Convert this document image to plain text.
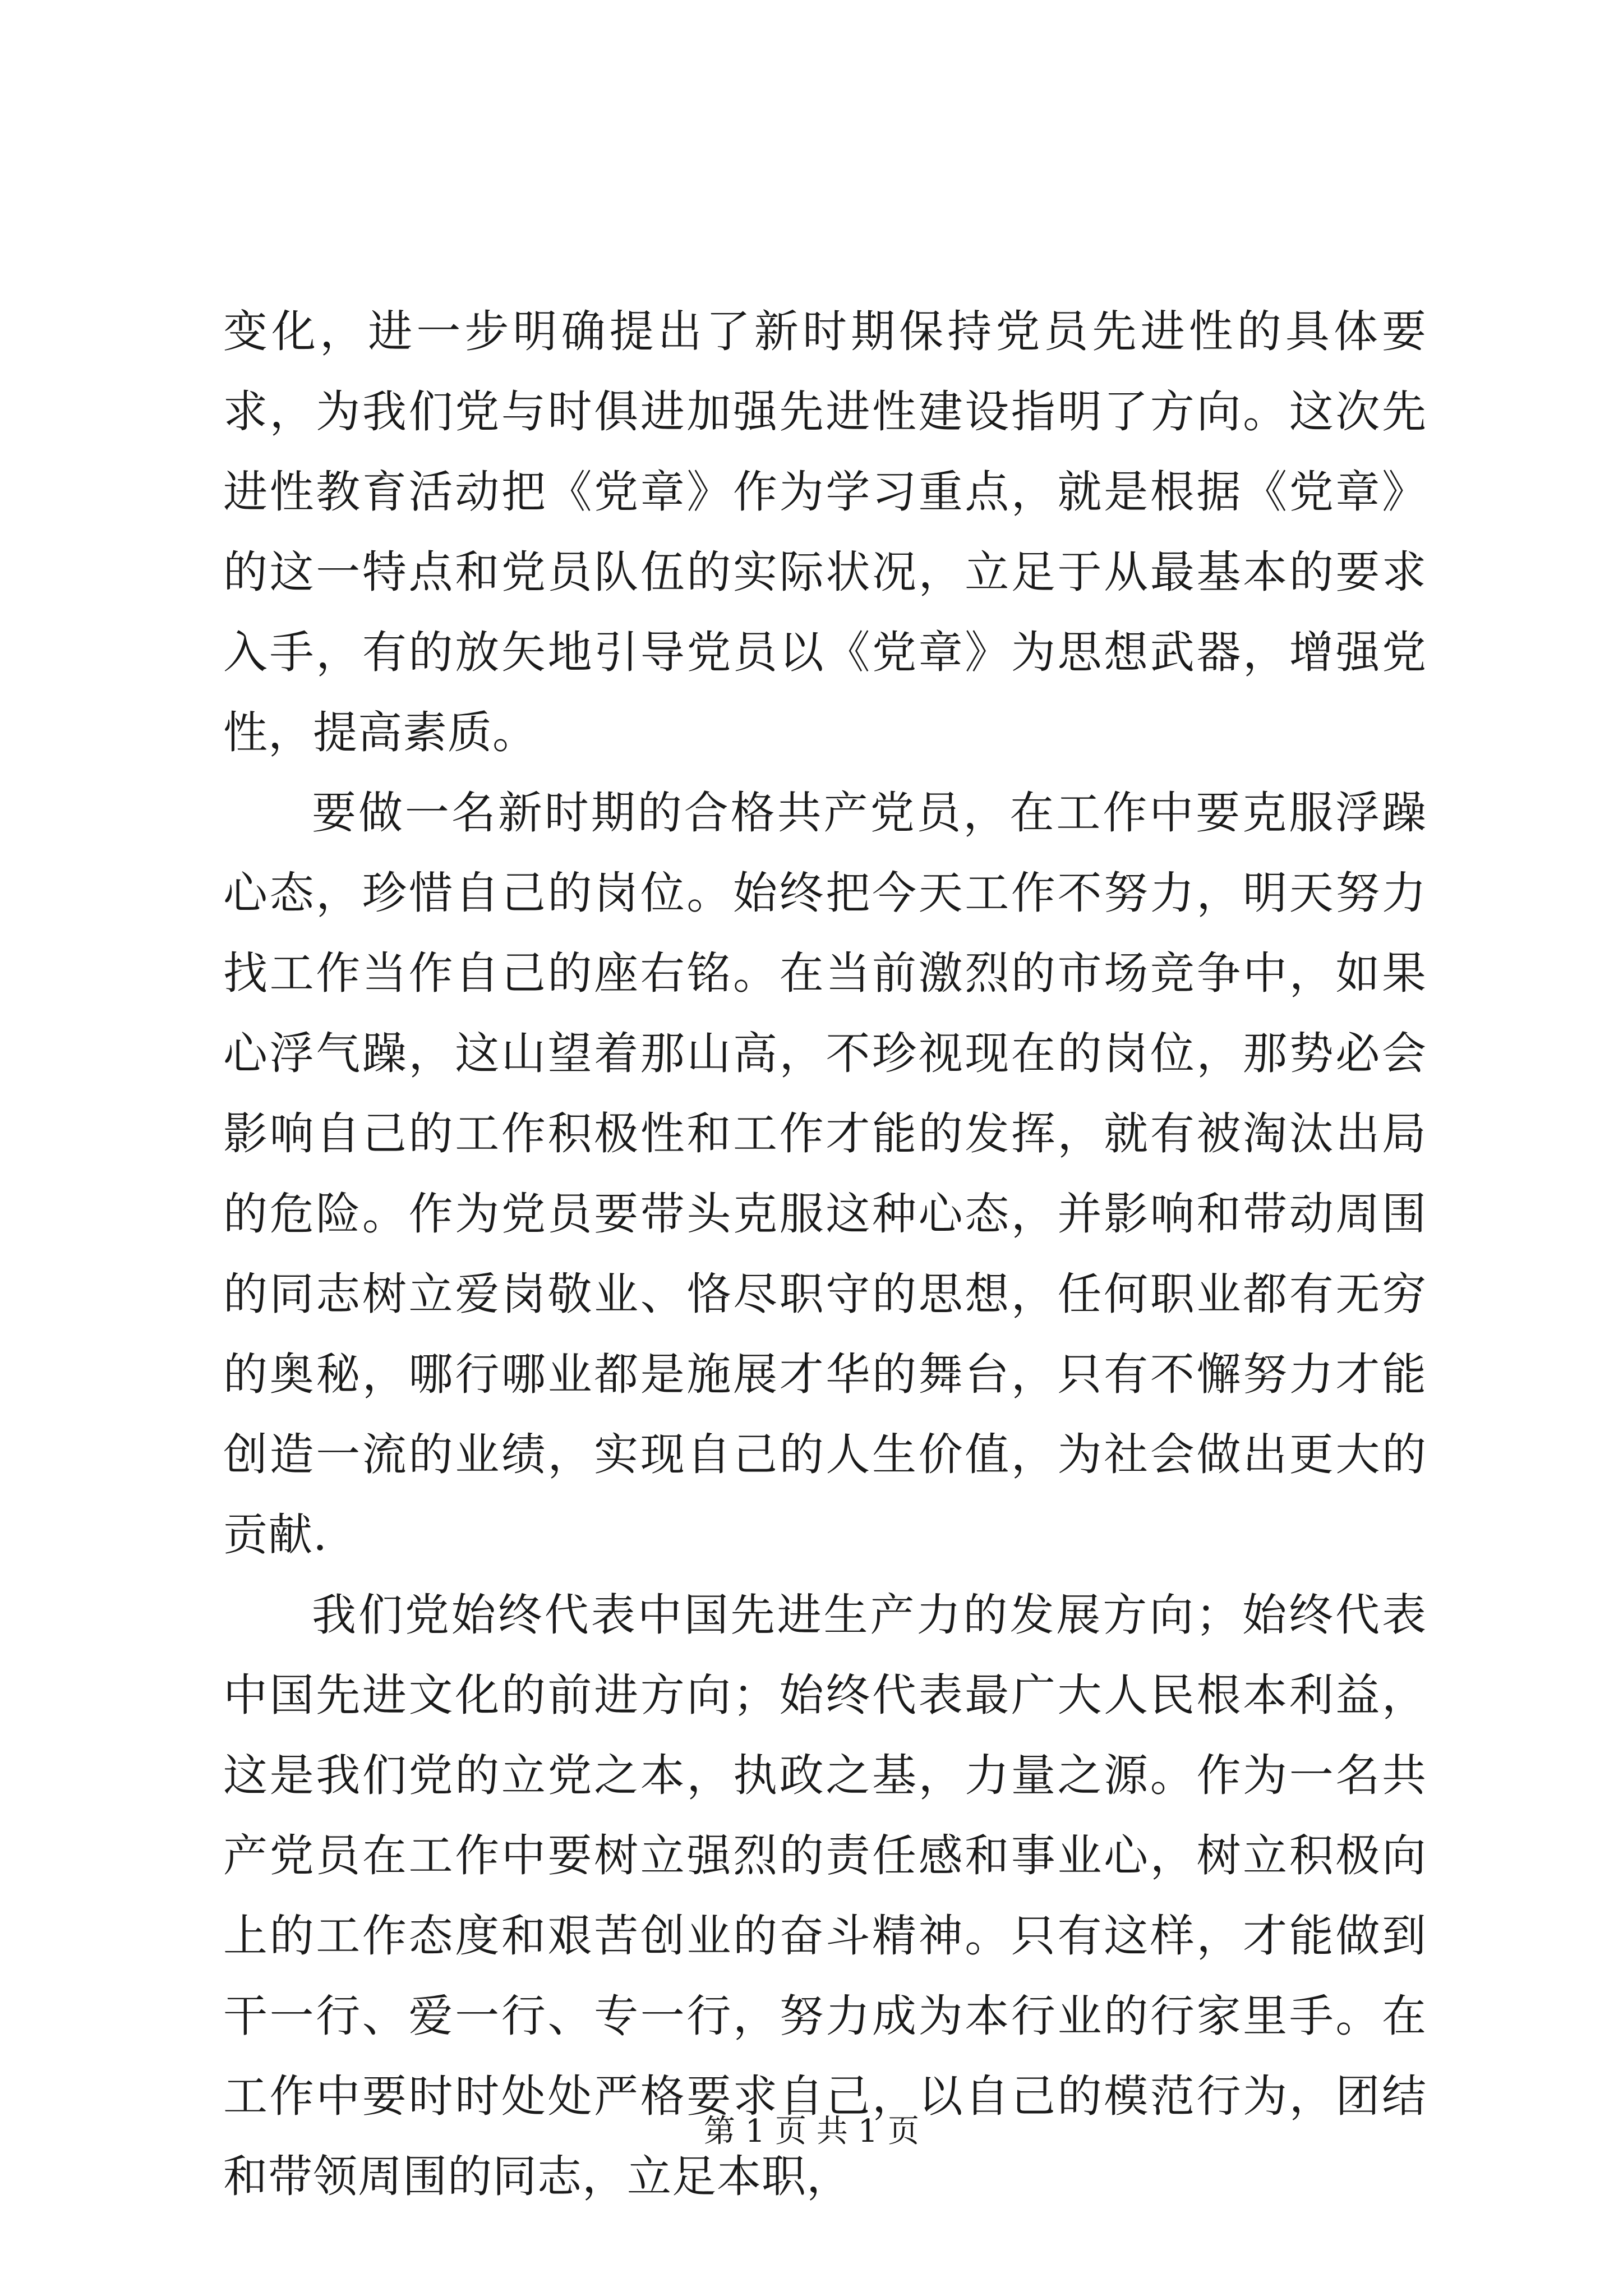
变化，进一步明确提出了新时期保持党员先进性的具体要求，为我们党与时俱进加强先进性建设指明了方向。这次先进性教育活动把《党章》作为学习重点，就是根据《党章》的这一特点和党员队伍的实际状况，立足于从最基本的要求入手，有的放矢地引导党员以《党章》为思想武器，增强党性，提高素质。

要做一名新时期的合格共产党员，在工作中要克服浮躁心态，珍惜自己的岗位。始终把今天工作不努力，明天努力找工作当作自己的座右铭。在当前激烈的市场竞争中，如果心浮气躁，这山望着那山高，不珍视现在的岗位，那势必会影响自己的工作积极性和工作才能的发挥，就有被淘汰出局的危险。作为党员要带头克服这种心态，并影响和带动周围的同志树立爱岗敬业、恪尽职守的思想，任何职业都有无穷的奥秘，哪行哪业都是施展才华的舞台，只有不懈努力才能创造一流的业绩，实现自己的人生价值，为社会做出更大的贡献.

我们党始终代表中国先进生产力的发展方向；始终代表中国先进文化的前进方向；始终代表最广大人民根本利益，这是我们党的立党之本，执政之基，力量之源。作为一名共产党员在工作中要树立强烈的责任感和事业心，树立积极向上的工作态度和艰苦创业的奋斗精神。只有这样，才能做到干一行、爱一行、专一行，努力成为本行业的行家里手。在工作中要时时处处严格要求自己，以自己的模范行为，团结和带领周围的同志，立足本职，

第 1 页 共 1 页
